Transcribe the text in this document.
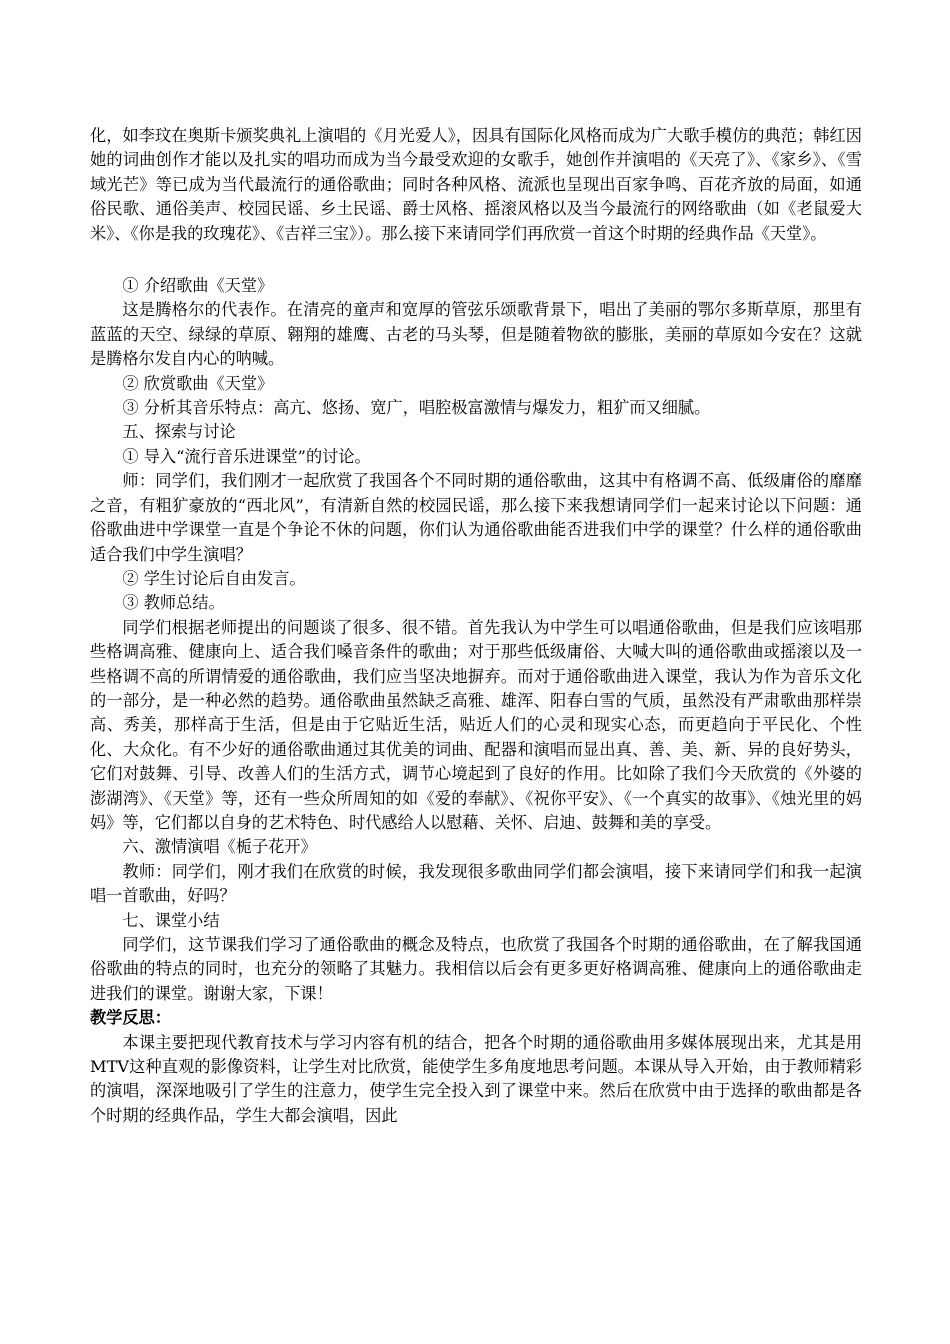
化，如李玟在奥斯卡颁奖典礼上演唱的《月光爱人》，因具有国际化风格而成为广大歌手模仿的典范；韩红因她的词曲创作才能以及扎实的唱功而成为当今最受欢迎的女歌手，她创作并演唱的《天亮了》、《家乡》、《雪域光芒》等已成为当代最流行的通俗歌曲；同时各种风格、流派也呈现出百家争鸣、百花齐放的局面，如通俗民歌、通俗美声、校园民谣、乡土民谣、爵士风格、摇滚风格以及当今最流行的网络歌曲（如《老鼠爱大米》、《你是我的玫瑰花》、《吉祥三宝》）。那么接下来请同学们再欣赏一首这个时期的经典作品《天堂》。

① 介绍歌曲《天堂》

这是腾格尔的代表作。在清亮的童声和宽厚的管弦乐颂歌背景下，唱出了美丽的鄂尔多斯草原，那里有蓝蓝的天空、绿绿的草原、翱翔的雄鹰、古老的马头琴，但是随着物欲的膨胀，美丽的草原如今安在？这就是腾格尔发自内心的呐喊。

② 欣赏歌曲《天堂》

③ 分析其音乐特点：高亢、悠扬、宽广，唱腔极富激情与爆发力，粗犷而又细腻。

五、探索与讨论

① 导入“流行音乐进课堂”的讨论。

师：同学们，我们刚才一起欣赏了我国各个不同时期的通俗歌曲，这其中有格调不高、低级庸俗的靡靡之音，有粗犷豪放的“西北风”，有清新自然的校园民谣，那么接下来我想请同学们一起来讨论以下问题：通俗歌曲进中学课堂一直是个争论不休的问题，你们认为通俗歌曲能否进我们中学的课堂？什么样的通俗歌曲适合我们中学生演唱？

② 学生讨论后自由发言。

③ 教师总结。

同学们根据老师提出的问题谈了很多、很不错。首先我认为中学生可以唱通俗歌曲，但是我们应该唱那些格调高雅、健康向上、适合我们嗓音条件的歌曲；对于那些低级庸俗、大喊大叫的通俗歌曲或摇滚以及一些格调不高的所谓情爱的通俗歌曲，我们应当坚决地摒弃。而对于通俗歌曲进入课堂，我认为作为音乐文化的一部分，是一种必然的趋势。通俗歌曲虽然缺乏高雅、雄浑、阳春白雪的气质，虽然没有严肃歌曲那样崇高、秀美，那样高于生活，但是由于它贴近生活，贴近人们的心灵和现实心态，而更趋向于平民化、个性化、大众化。有不少好的通俗歌曲通过其优美的词曲、配器和演唱而显出真、善、美、新、异的良好势头，它们对鼓舞、引导、改善人们的生活方式，调节心境起到了良好的作用。比如除了我们今天欣赏的《外婆的澎湖湾》、《天堂》等，还有一些众所周知的如《爱的奉献》、《祝你平安》、《一个真实的故事》、《烛光里的妈妈》等，它们都以自身的艺术特色、时代感给人以慰藉、关怀、启迪、鼓舞和美的享受。

六、激情演唱《栀子花开》

教师：同学们，刚才我们在欣赏的时候，我发现很多歌曲同学们都会演唱，接下来请同学们和我一起演唱一首歌曲，好吗？

七、课堂小结

同学们，这节课我们学习了通俗歌曲的概念及特点，也欣赏了我国各个时期的通俗歌曲，在了解我国通俗歌曲的特点的同时，也充分的领略了其魅力。我相信以后会有更多更好格调高雅、健康向上的通俗歌曲走进我们的课堂。谢谢大家，下课！

教学反思：

本课主要把现代教育技术与学习内容有机的结合，把各个时期的通俗歌曲用多媒体展现出来，尤其是用MTV这种直观的影像资料，让学生对比欣赏，能使学生多角度地思考问题。本课从导入开始，由于教师精彩的演唱，深深地吸引了学生的注意力，使学生完全投入到了课堂中来。然后在欣赏中由于选择的歌曲都是各个时期的经典作品，学生大都会演唱，因此
